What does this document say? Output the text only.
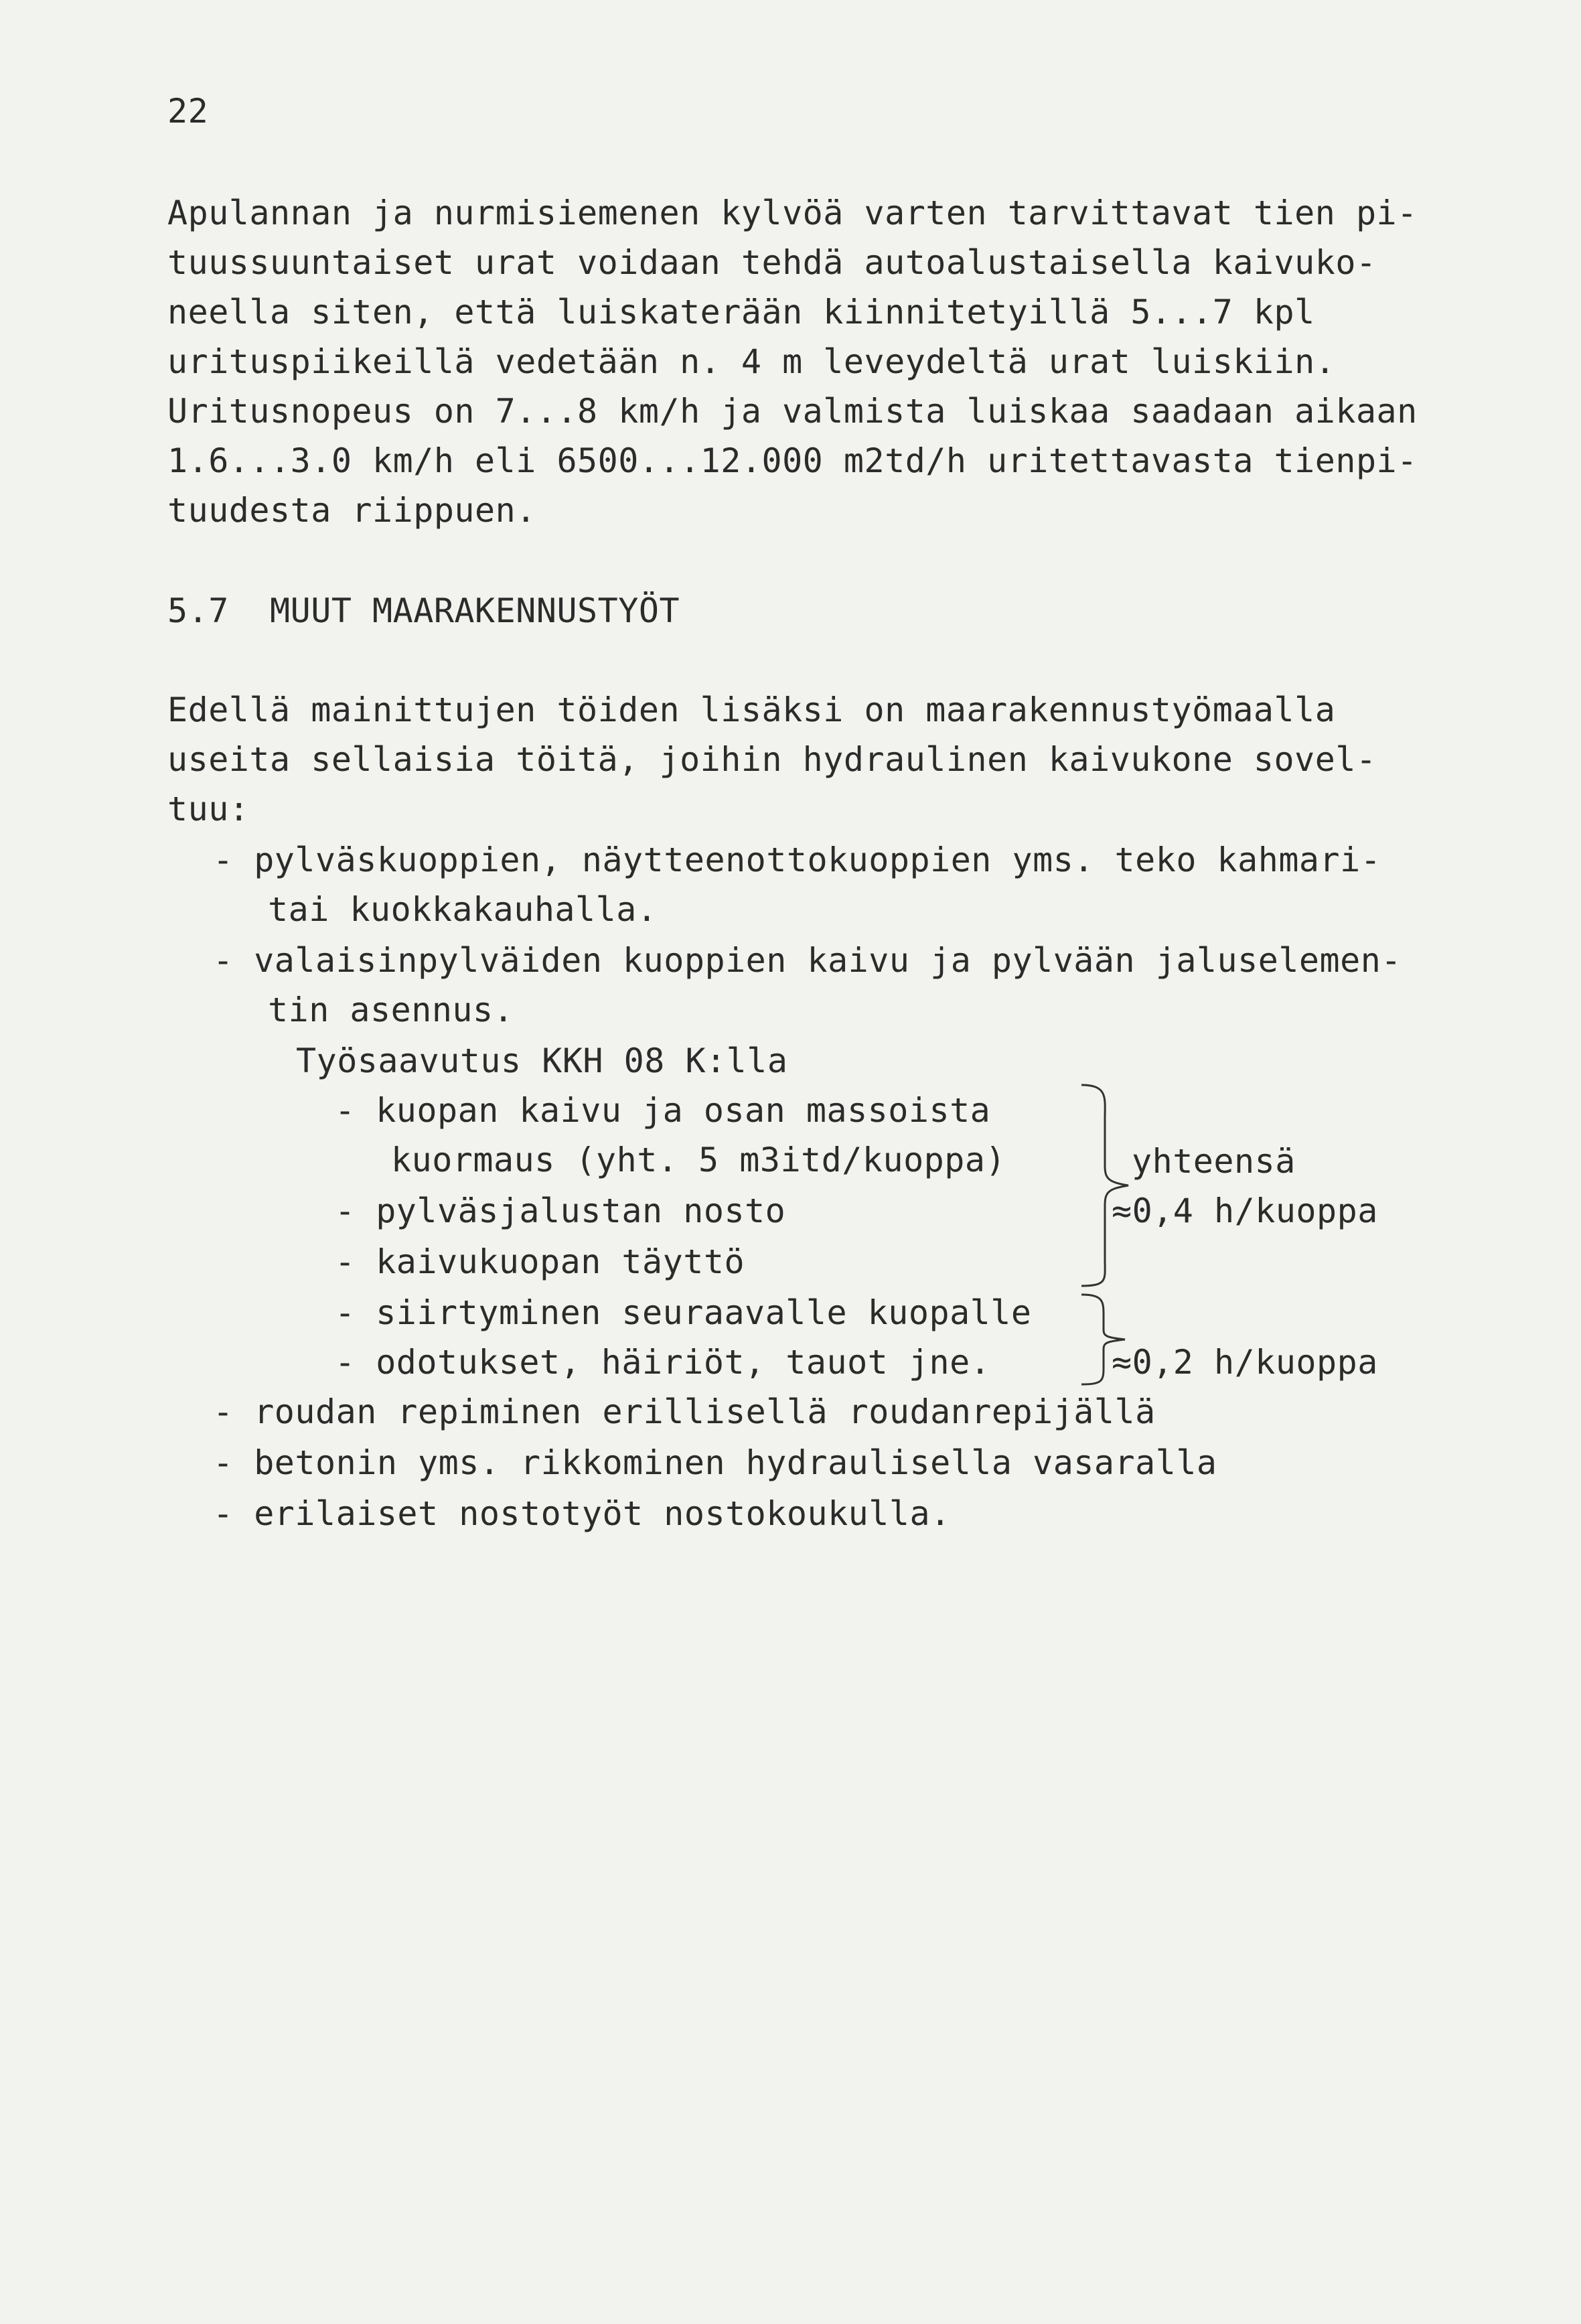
22
Apulannan ja nurmisiemenen kylvöä varten tarvittavat tien pi-
tuussuuntaiset urat voidaan tehdä autoalustaisella kaivuko-
neella siten, että luiskaterään kiinnitetyillä 5...7 kpl
urituspiikeillä vedetään n. 4 m leveydeltä urat luiskiin.
Uritusnopeus on 7...8 km/h ja valmista luiskaa saadaan aikaan
1.6...3.0 km/h eli 6500...12.000 m2td/h uritettavasta tienpi-
tuudesta riippuen.
5.7  MUUT MAARAKENNUSTYÖT
Edellä mainittujen töiden lisäksi on maarakennustyömaalla
useita sellaisia töitä, joihin hydraulinen kaivukone sovel-
tuu:
- pylväskuoppien, näytteenottokuoppien yms. teko kahmari-
tai kuokkakauhalla.
- valaisinpylväiden kuoppien kaivu ja pylvään jaluselemen-
tin asennus.
Työsaavutus KKH 08 K:lla
- kuopan kaivu ja osan massoista
kuormaus (yht. 5 m3itd/kuoppa)
- pylväsjalustan nosto
- kaivukuopan täyttö
- siirtyminen seuraavalle kuopalle
- odotukset, häiriöt, tauot jne.
yhteensä
≈0,4 h/kuoppa
≈0,2 h/kuoppa
- roudan repiminen erillisellä roudanrepijällä
- betonin yms. rikkominen hydraulisella vasaralla
- erilaiset nostotyöt nostokoukulla.
